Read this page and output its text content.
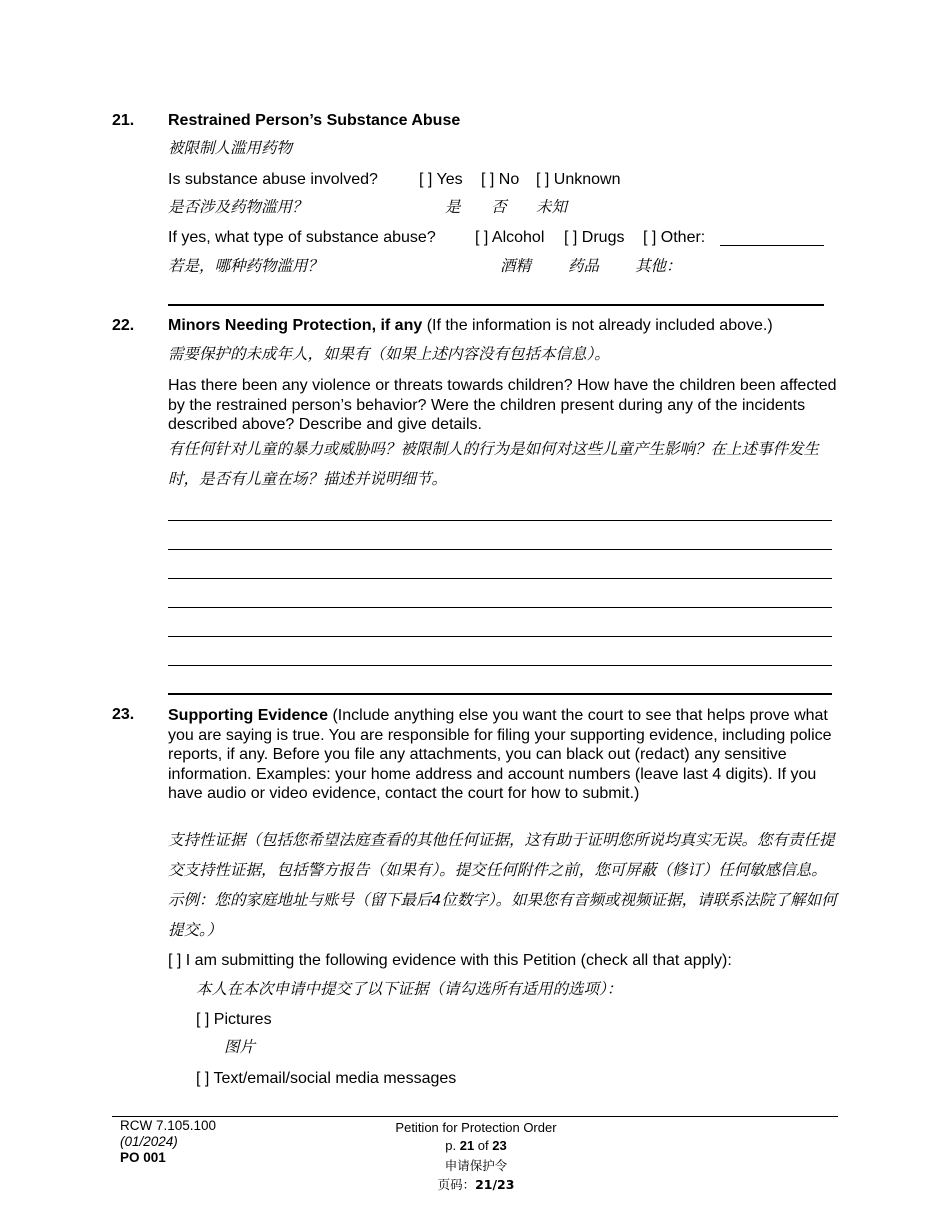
21. Restrained Person’s Substance Abuse
被限制人滥用药物
Is substance abuse involved?	[ ] Yes [ ] No [ ] Unknown
是否涉及药物滥用？	是 否 未知
If yes, what type of substance abuse? [ ] Alcohol [ ] Drugs [ ] Other:
若是，哪种药物滥用？	酒精 药品 其他：
22. Minors Needing Protection, if any (If the information is not already included above.)
需要保护的未成年人，如果有（如果上述内容没有包括本信息）。
Has there been any violence or threats towards children? How have the children been affected by the restrained person’s behavior? Were the children present during any of the incidents described above? Describe and give details.
有任何针对儿童的暴力或威胁吗？被限制人的行为是如何对这些儿童产生影响？在上述事件发生时，是否有儿童在场？描述并说明细节。
23. Supporting Evidence (Include anything else you want the court to see that helps prove what you are saying is true. You are responsible for filing your supporting evidence, including police reports, if any. Before you file any attachments, you can black out (redact) any sensitive information. Examples: your home address and account numbers (leave last 4 digits). If you have audio or video evidence, contact the court for how to submit.)
支持性证据（包括您希望法庭查看的其他任何证据，这有助于证明您所说均真实无误。您有责任提交支持性证据，包括警方报告（如果有）。提交任何附件之前，您可屏蔽（修订）任何敏感信息。示例：您的家庭地址与账号（留下最后4位数字）。如果您有音频或视频证据，请联系法院了解如何提交。）
[ ] I am submitting the following evidence with this Petition (check all that apply):
本人在本次申请中提交了以下证据（请勾选所有适用的选项）：
[ ] Pictures
图片
[ ] Text/email/social media messages
RCW 7.105.100
(01/2024)
PO 001
Petition for Protection Order
p. 21 of 23
申请保护令
页码：21/23
